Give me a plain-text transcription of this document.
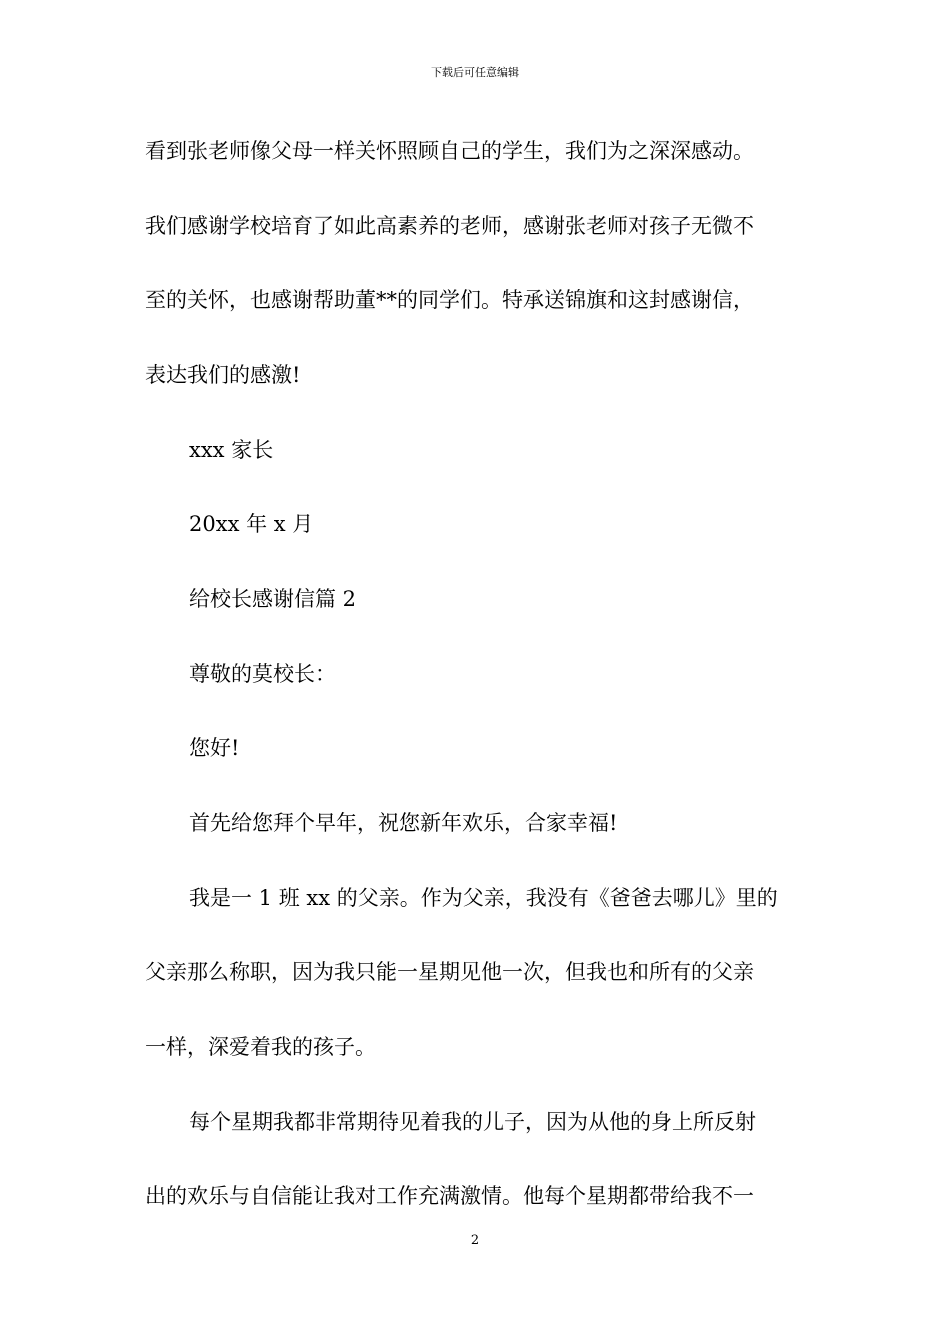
下载后可任意编辑
看到张老师像父母一样关怀照顾自己的学生，我们为之深深感动。
我们感谢学校培育了如此高素养的老师，感谢张老师对孩子无微不
至的关怀，也感谢帮助董**的同学们。特承送锦旗和这封感谢信，
表达我们的感激!
xxx 家长
20xx 年 x 月
给校长感谢信篇 2
尊敬的莫校长：
您好!
首先给您拜个早年，祝您新年欢乐，合家幸福!
我是一 1 班 xx 的父亲。作为父亲，我没有《爸爸去哪儿》里的
父亲那么称职，因为我只能一星期见他一次，但我也和所有的父亲
一样，深爱着我的孩子。
每个星期我都非常期待见着我的儿子，因为从他的身上所反射
出的欢乐与自信能让我对工作充满激情。他每个星期都带给我不一
2
